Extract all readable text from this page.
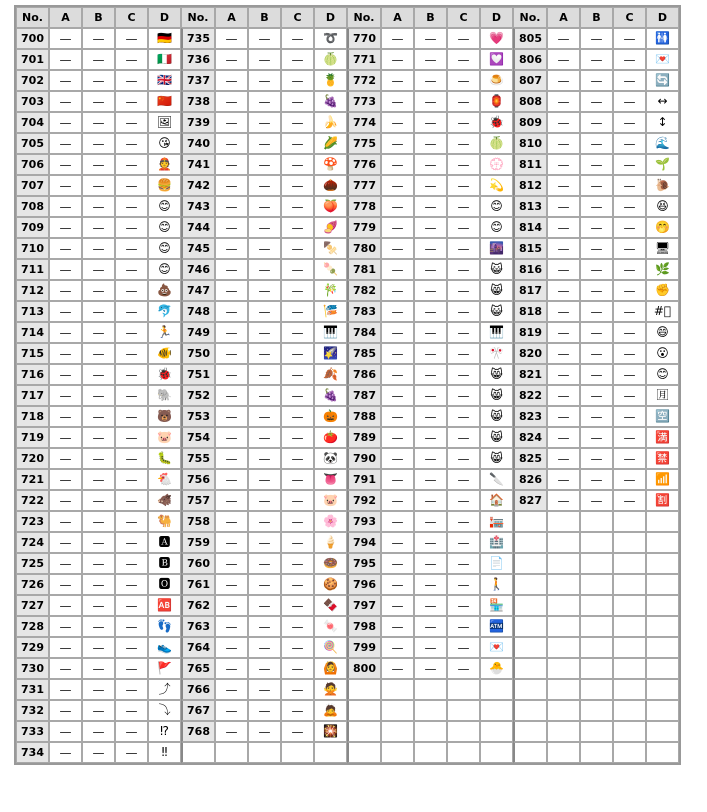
No.	A	B	C	D	No.	A	B	C	D	No.	A	B	C	D	No.	A	B	C	D
700	—	—	—	🇩🇪	735	—	—	—	➰	770	—	—	—	💗	805	—	—	—	🚻
701	—	—	—	🇮🇹	736	—	—	—	🍈	771	—	—	—	💟	806	—	—	—	💌
702	—	—	—	🇬🇧	737	—	—	—	🍍	772	—	—	—	🍮	807	—	—	—	🔄
703	—	—	—	🇨🇳	738	—	—	—	🍇	773	—	—	—	🏮	808	—	—	—	↔
704	—	—	—	🖼	739	—	—	—	🍌	774	—	—	—	🐞	809	—	—	—	↕
705	—	—	—	😘	740	—	—	—	🌽	775	—	—	—	🍈	810	—	—	—	🌊
706	—	—	—	👲	741	—	—	—	🍄	776	—	—	—	💮	811	—	—	—	🌱
707	—	—	—	🍔	742	—	—	—	🌰	777	—	—	—	💫	812	—	—	—	🐌
708	—	—	—	😊	743	—	—	—	🍑	778	—	—	—	😊	813	—	—	—	😆
709	—	—	—	😊	744	—	—	—	🍠	779	—	—	—	😊	814	—	—	—	🤭
710	—	—	—	😊	745	—	—	—	🍢	780	—	—	—	🌆	815	—	—	—	🖥
711	—	—	—	😊	746	—	—	—	🍡	781	—	—	—	😺	816	—	—	—	🌿
712	—	—	—	💩	747	—	—	—	🎋	782	—	—	—	😸	817	—	—	—	✊
713	—	—	—	🐬	748	—	—	—	🎏	783	—	—	—	😺	818	—	—	—	#⃣
714	—	—	—	🏃	749	—	—	—	🎹	784	—	—	—	🎹	819	—	—	—	😄
715	—	—	—	🐠	750	—	—	—	🌠	785	—	—	—	🎌	820	—	—	—	😮
716	—	—	—	🐞	751	—	—	—	🍂	786	—	—	—	😸	821	—	—	—	😊
717	—	—	—	🐘	752	—	—	—	🍇	787	—	—	—	😸	822	—	—	—	🈷
718	—	—	—	🐻	753	—	—	—	🎃	788	—	—	—	😸	823	—	—	—	🈳
719	—	—	—	🐷	754	—	—	—	🍅	789	—	—	—	😸	824	—	—	—	🈵
720	—	—	—	🐛	755	—	—	—	🐼	790	—	—	—	😸	825	—	—	—	🈲
721	—	—	—	🐔	756	—	—	—	👅	791	—	—	—	🔪	826	—	—	—	📶
722	—	—	—	🐗	757	—	—	—	🐷	792	—	—	—	🏠	827	—	—	—	🈹
723	—	—	—	🐫	758	—	—	—	🌸	793	—	—	—	🏣					
724	—	—	—	🅰	759	—	—	—	🍦	794	—	—	—	🏥					
725	—	—	—	🅱	760	—	—	—	🍩	795	—	—	—	📄					
726	—	—	—	🅾	761	—	—	—	🍪	796	—	—	—	🚶					
727	—	—	—	🆎	762	—	—	—	🍫	797	—	—	—	🏪					
728	—	—	—	👣	763	—	—	—	🍬	798	—	—	—	🏧					
729	—	—	—	👟	764	—	—	—	🍭	799	—	—	—	💌					
730	—	—	—	🚩	765	—	—	—	🙆	800	—	—	—	🐣					
731	—	—	—	⤴	766	—	—	—	🙅										
732	—	—	—	⤵	767	—	—	—	🙇										
733	—	—	—	⁉	768	—	—	—	🎇										
734	—	—	—	‼															
